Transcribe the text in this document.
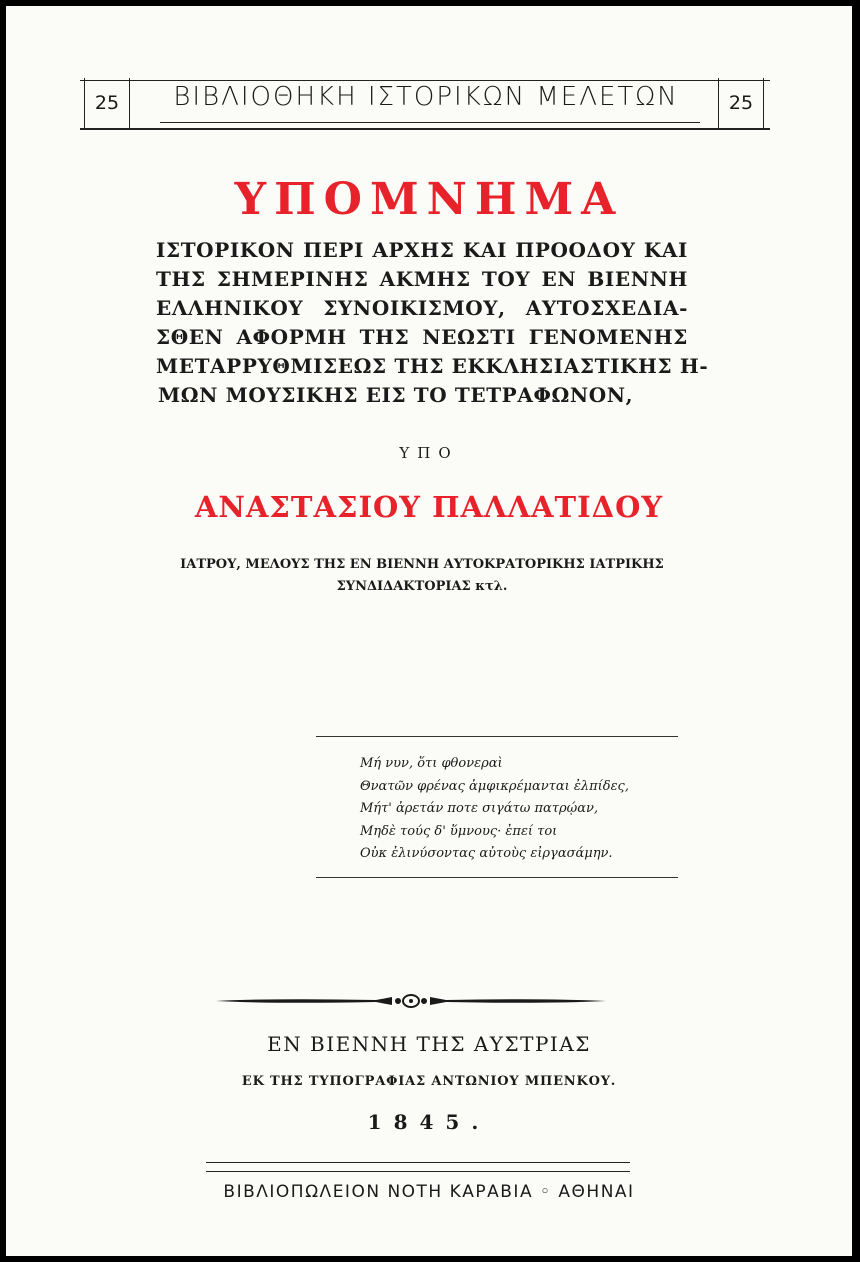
25	ΒΙΒΛΙΟΘΗΚΗ ΙΣΤΟΡΙΚΩΝ ΜΕΛΕΤΩΝ	25
ΥΠΟΜΝΗΜΑ
ΙΣΤΟΡΙΚΟΝ ΠΕΡΙ ΑΡΧΗΣ ΚΑΙ ΠΡΟΟΔΟΥ ΚΑΙ
ΤΗΣ ΣΗΜΕΡΙΝΗΣ ΑΚΜΗΣ ΤΟΥ ΕΝ ΒΙΕΝΝΗ
ΕΛΛΗΝΙΚΟΥ ΣΥΝΟΙΚΙΣΜΟΥ, ΑΥΤΟΣΧΕΔΙΑ-
ΣΘΕΝ ΑΦΟΡΜΗ ΤΗΣ ΝΕΩΣΤΙ ΓΕΝΟΜΕΝΗΣ
ΜΕΤΑΡΡΥΘΜΙΣΕΩΣ ΤΗΣ ΕΚΚΛΗΣΙΑΣΤΙΚΗΣ Η-
ΜΩΝ ΜΟΥΣΙΚΗΣ ΕΙΣ ΤΟ ΤΕΤΡΑΦΩΝΟΝ,
ΥΠΟ
ΑΝΑΣΤΑΣΙΟΥ ΠΑΛΛΑΤΙΔΟΥ
ΙΑΤΡΟΥ, ΜΕΛΟΥΣ ΤΗΣ ΕΝ ΒΙΕΝΝΗ ΑΥΤΟΚΡΑΤΟΡΙΚΗΣ ΙΑΤΡΙΚΗΣ
ΣΥΝΔΙΔΑΚΤΟΡΙΑΣ κτλ.
Μή νυν, ὅτι φθονεραὶ
Θνατῶν φρένας ἀμφικρέμανται ἐλπίδες,
Μήτ' ἀρετάν ποτε σιγάτω πατρῴαν,
Μηδὲ τούς δ' ὕμνους· ἐπεί τοι
Οὐκ ἐλινύσοντας αὐτοὺς εἰργασάμην.
ΕΝ ΒΙΕΝΝΗ ΤΗΣ ΑΥΣΤΡΙΑΣ
ΕΚ ΤΗΣ ΤΥΠΟΓΡΑΦΙΑΣ ΑΝΤΩΝΙΟΥ ΜΠΕΝΚΟΥ.
1845.
ΒΙΒΛΙΟΠΩΛΕΙΟΝ ΝΟΤΗ ΚΑΡΑΒΙΑ ◦ ΑΘΗΝΑΙ
